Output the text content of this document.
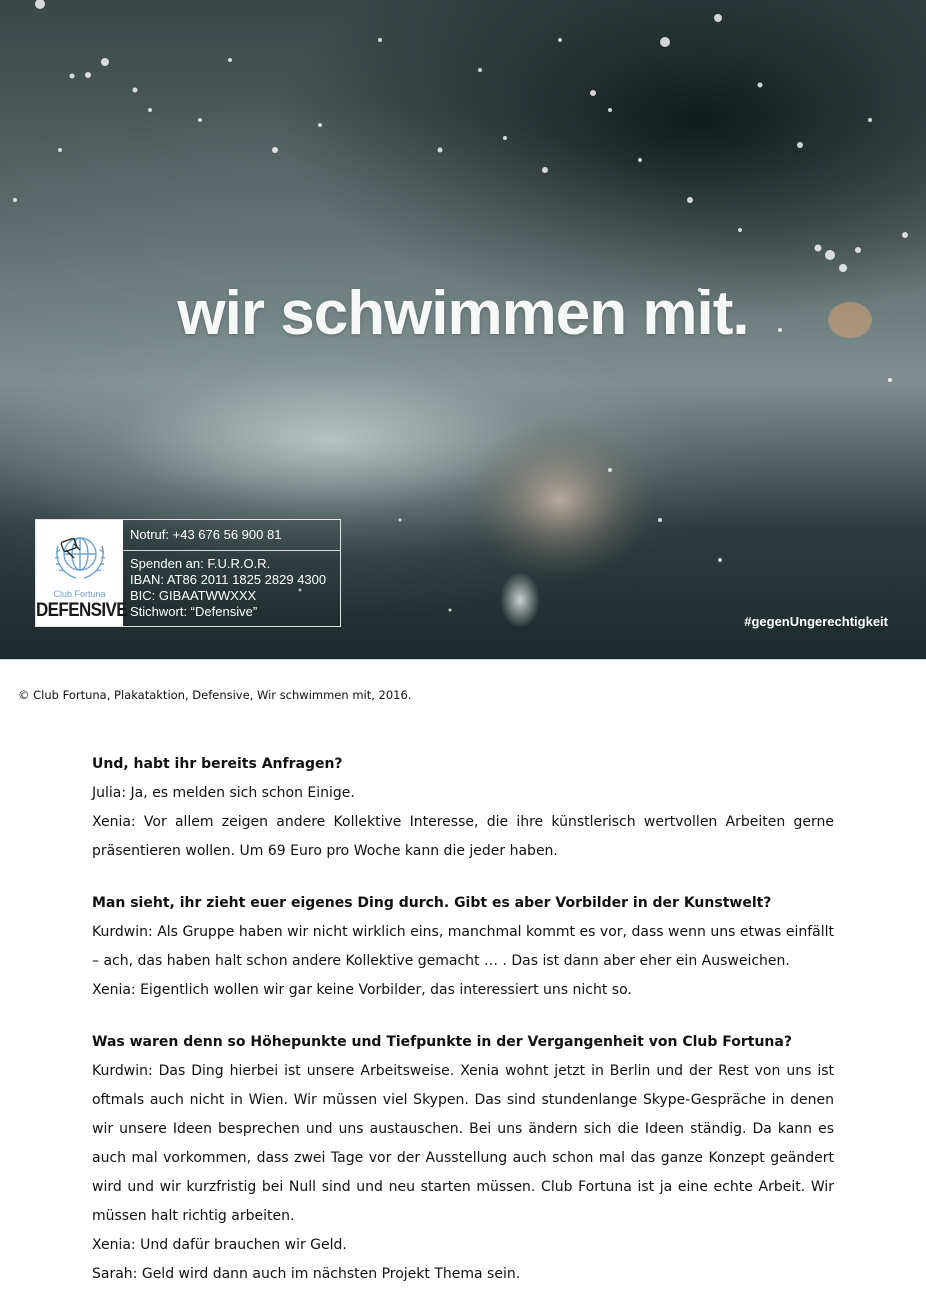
wir schwimmen mit.
Club Fortuna
DEFENSIVE
Notruf: +43 676 56 900 81
Spenden an: F.U.R.O.R.
IBAN: AT86 2011 1825 2829 4300
BIC: GIBAATWWXXX
Stichwort: “Defensive”
#gegenUngerechtigkeit
© Club Fortuna, Plakataktion, Defensive, Wir schwimmen mit, 2016.

Und, habt ihr bereits Anfragen?

Julia: Ja, es melden sich schon Einige.

Xenia: Vor allem zeigen andere Kollektive Interesse, die ihre künstlerisch wertvollen Arbeiten gerne präsentieren wollen. Um 69 Euro pro Woche kann die jeder haben.

Man sieht, ihr zieht euer eigenes Ding durch. Gibt es aber Vorbilder in der Kunstwelt?

Kurdwin: Als Gruppe haben wir nicht wirklich eins, manchmal kommt es vor, dass wenn uns etwas einfällt – ach, das haben halt schon andere Kollektive gemacht … . Das ist dann aber eher ein Ausweichen.

Xenia: Eigentlich wollen wir gar keine Vorbilder, das interessiert uns nicht so.

Was waren denn so Höhepunkte und Tiefpunkte in der Vergangenheit von Club Fortuna?

Kurdwin: Das Ding hierbei ist unsere Arbeitsweise. Xenia wohnt jetzt in Berlin und der Rest von uns ist oftmals auch nicht in Wien. Wir müssen viel Skypen. Das sind stundenlange Skype-Gespräche in denen wir unsere Ideen besprechen und uns austauschen. Bei uns ändern sich die Ideen ständig. Da kann es auch mal vorkommen, dass zwei Tage vor der Ausstellung auch schon mal das ganze Konzept geändert wird und wir kurzfristig bei Null sind und neu starten müssen. Club Fortuna ist ja eine echte Arbeit. Wir müssen halt richtig arbeiten.

Xenia: Und dafür brauchen wir Geld.

Sarah: Geld wird dann auch im nächsten Projekt Thema sein.
